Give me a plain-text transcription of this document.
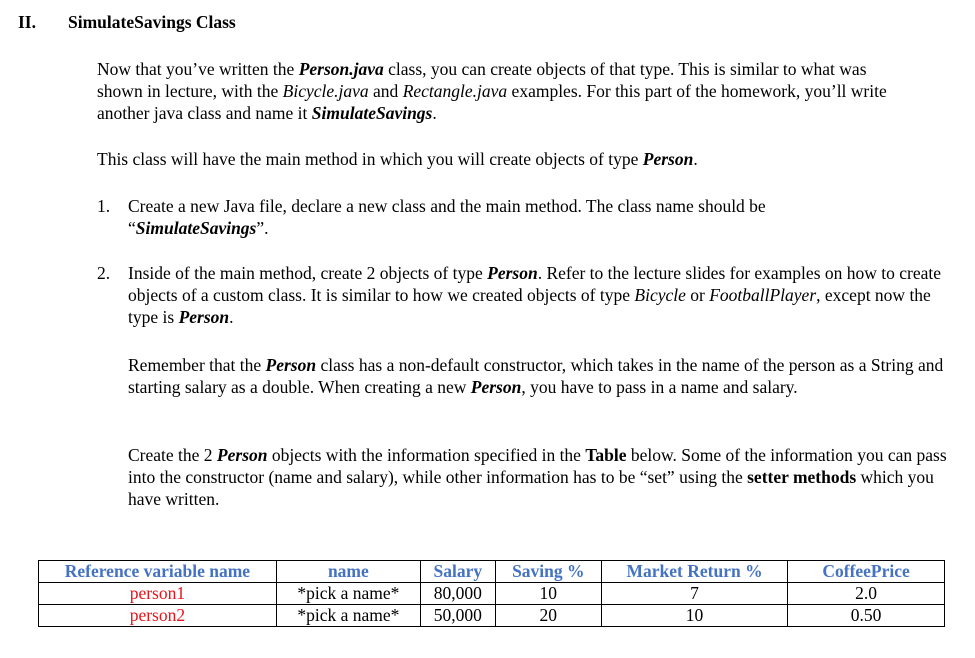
II. SimulateSavings Class

Now that you’ve written the Person.java class, you can create objects of that type. This is similar to what was shown in lecture, with the Bicycle.java and Rectangle.java examples. For this part of the homework, you’ll write another java class and name it SimulateSavings.

This class will have the main method in which you will create objects of type Person.

1.	Create a new Java file, declare a new class and the main method. The class name should be “SimulateSavings”.
2.	Inside of the main method, create 2 objects of type Person. Refer to the lecture slides for examples on how to create objects of a custom class. It is similar to how we created objects of type Bicycle or FootballPlayer, except now the type is Person.

Remember that the Person class has a non-default constructor, which takes in the name of the person as a String and starting salary as a double. When creating a new Person, you have to pass in a name and salary.

Create the 2 Person objects with the information specified in the Table below. Some of the information you can pass into the constructor (name and salary), while other information has to be “set” using the setter methods which you have written.

Reference variable name	name	Salary	Saving %	Market Return %	CoffeePrice
person1	*pick a name*	80,000	10	7	2.0
person2	*pick a name*	50,000	20	10	0.50
